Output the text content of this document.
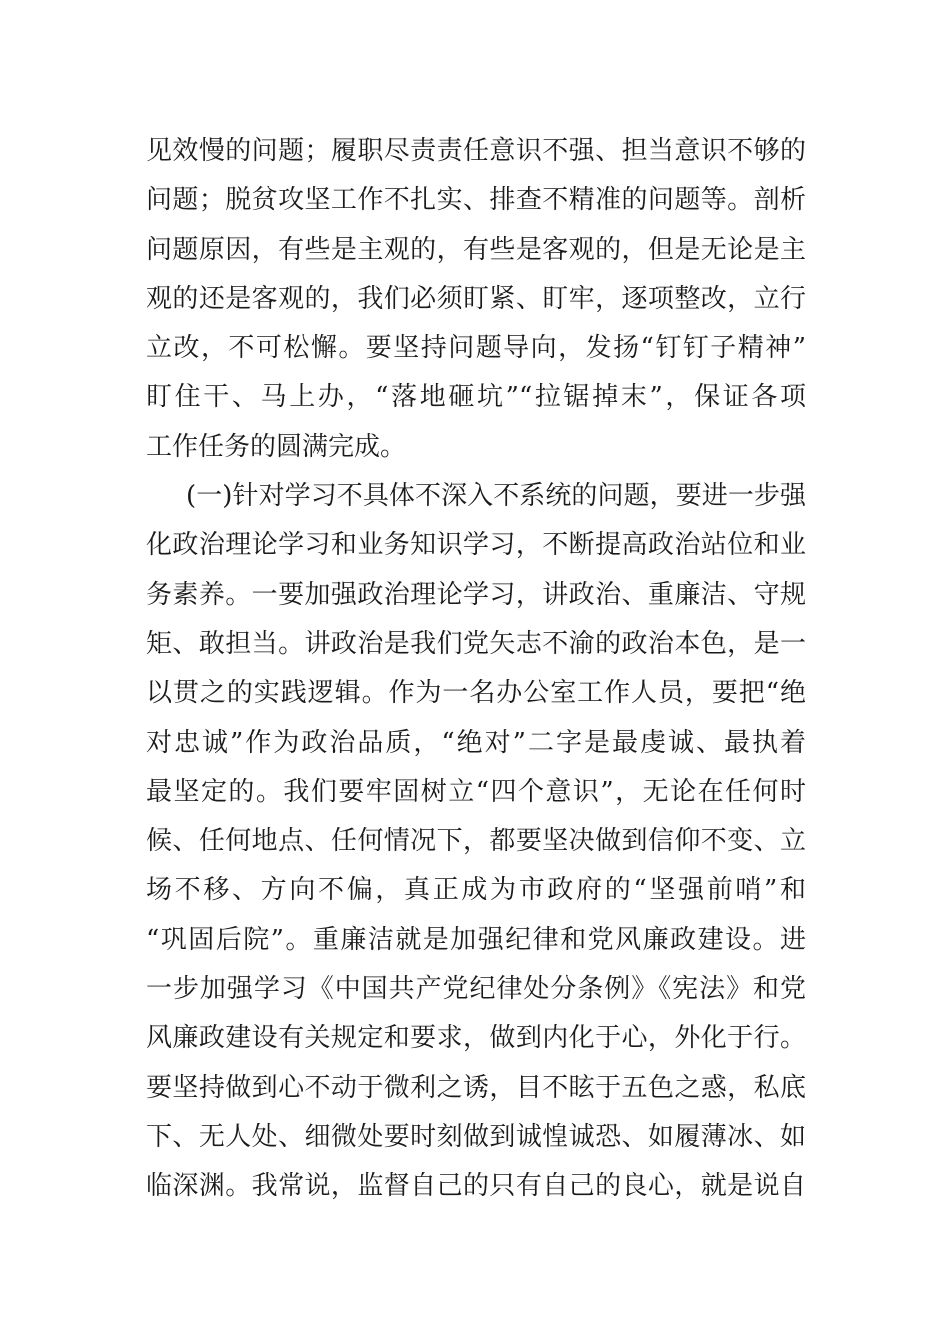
见效慢的问题；履职尽责责任意识不强、担当意识不够的
问题；脱贫攻坚工作不扎实、排查不精准的问题等。剖析
问题原因，有些是主观的，有些是客观的，但是无论是主
观的还是客观的，我们必须盯紧、盯牢，逐项整改，立行
立改，不可松懈。要坚持问题导向，发扬“钉钉子精神”
盯住干、马上办，“落地砸坑”“拉锯掉末”，保证各项
工作任务的圆满完成。
(一)针对学习不具体不深入不系统的问题，要进一步强
化政治理论学习和业务知识学习，不断提高政治站位和业
务素养。一要加强政治理论学习，讲政治、重廉洁、守规
矩、敢担当。讲政治是我们党矢志不渝的政治本色，是一
以贯之的实践逻辑。作为一名办公室工作人员，要把“绝
对忠诚”作为政治品质，“绝对”二字是最虔诚、最执着
最坚定的。我们要牢固树立“四个意识”，无论在任何时
候、任何地点、任何情况下，都要坚决做到信仰不变、立
场不移、方向不偏，真正成为市政府的“坚强前哨”和
“巩固后院”。重廉洁就是加强纪律和党风廉政建设。进
一步加强学习《中国共产党纪律处分条例》《宪法》和党
风廉政建设有关规定和要求，做到内化于心，外化于行。
要坚持做到心不动于微利之诱，目不眩于五色之惑，私底
下、无人处、细微处要时刻做到诚惶诚恐、如履薄冰、如
临深渊。我常说，监督自己的只有自己的良心，就是说自
